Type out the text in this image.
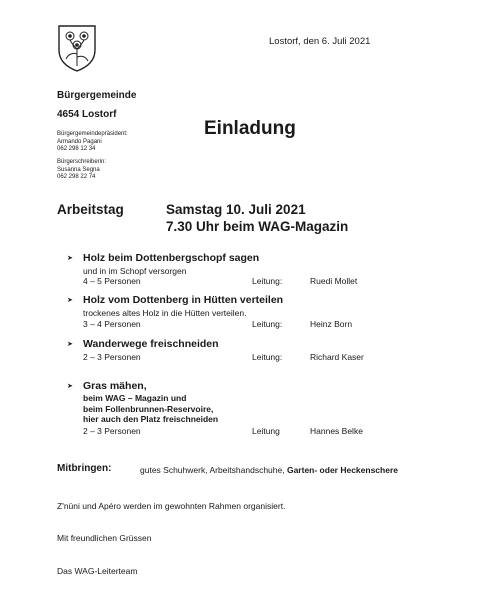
Lostorf, den 6. Juli 2021
Bürgergemeinde
4654 Lostorf
Bürgergemeindepräsident:
Armando Pagani
062 298 12 34
Bürgerschreiberin:
Susanna Segna
062 298 22 74
Einladung
Arbeitstag	Samstag 10. Juli 2021
7.30 Uhr beim WAG-Magazin
➤ Holz beim Dottenbergschopf sagen
und in im Schopf versorgen
4 – 5 Personen	Leitung:	Ruedi Mollet
➤ Holz vom Dottenberg in Hütten verteilen
trockenes altes Holz in die Hütten verteilen.
3 – 4 Personen	Leitung:	Heinz Born
➤ Wanderwege freischneiden
2 – 3 Personen	Leitung:	Richard Kaser
➤ Gras mähen,
beim WAG – Magazin und
beim Follenbrunnen-Reservoire,
hier auch den Platz freischneiden
2 – 3 Personen	Leitung	Hannes Belke
Mitbringen:	gutes Schuhwerk, Arbeitshandschuhe, Garten- oder Heckenschere
Z'nüni und Apéro werden im gewohnten Rahmen organisiert.
Mit freundlichen Grüssen
Das WAG-Leiterteam
